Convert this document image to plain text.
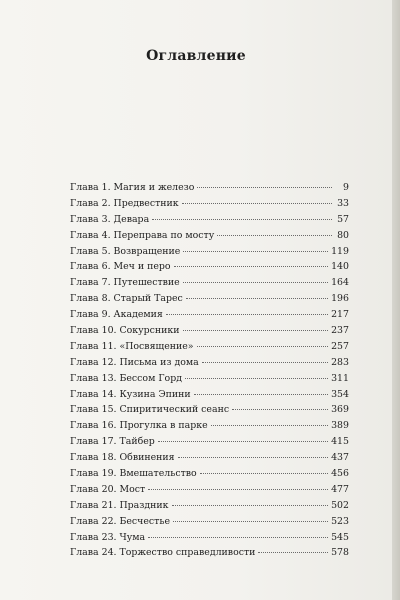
Оглавление
Глава 1. Магия и железо	9
Глава 2. Предвестник	33
Глава 3. Девара	57
Глава 4. Переправа по мосту	80
Глава 5. Возвращение	119
Глава 6. Меч и перо	140
Глава 7. Путешествие	164
Глава 8. Старый Тарес	196
Глава 9. Академия	217
Глава 10. Сокурсники	237
Глава 11. «Посвящение»	257
Глава 12. Письма из дома	283
Глава 13. Бессом Горд	311
Глава 14. Кузина Эпини	354
Глава 15. Спиритический сеанс	369
Глава 16. Прогулка в парке	389
Глава 17. Тайбер	415
Глава 18. Обвинения	437
Глава 19. Вмешательство	456
Глава 20. Мост	477
Глава 21. Праздник	502
Глава 22. Бесчестье	523
Глава 23. Чума	545
Глава 24. Торжество справедливости	578
